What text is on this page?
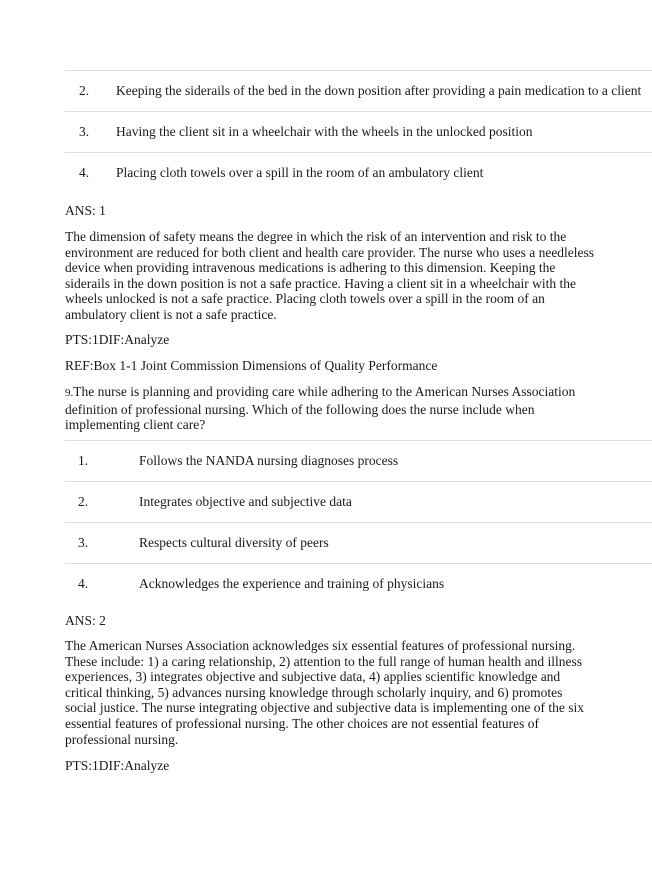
2. Keeping the siderails of the bed in the down position after providing a pain medication to a client
3. Having the client sit in a wheelchair with the wheels in the unlocked position
4. Placing cloth towels over a spill in the room of an ambulatory client
ANS: 1
The dimension of safety means the degree in which the risk of an intervention and risk to the environment are reduced for both client and health care provider. The nurse who uses a needleless device when providing intravenous medications is adhering to this dimension. Keeping the siderails in the down position is not a safe practice. Having a client sit in a wheelchair with the wheels unlocked is not a safe practice. Placing cloth towels over a spill in the room of an ambulatory client is not a safe practice.
PTS:1DIF:Analyze
REF:Box 1-1 Joint Commission Dimensions of Quality Performance
9.The nurse is planning and providing care while adhering to the American Nurses Association definition of professional nursing. Which of the following does the nurse include when implementing client care?
1.	Follows the NANDA nursing diagnoses process
2.	Integrates objective and subjective data
3.	Respects cultural diversity of peers
4.	Acknowledges the experience and training of physicians
ANS: 2
The American Nurses Association acknowledges six essential features of professional nursing. These include: 1) a caring relationship, 2) attention to the full range of human health and illness experiences, 3) integrates objective and subjective data, 4) applies scientific knowledge and critical thinking, 5) advances nursing knowledge through scholarly inquiry, and 6) promotes social justice. The nurse integrating objective and subjective data is implementing one of the six essential features of professional nursing. The other choices are not essential features of professional nursing.
PTS:1DIF:Analyze
